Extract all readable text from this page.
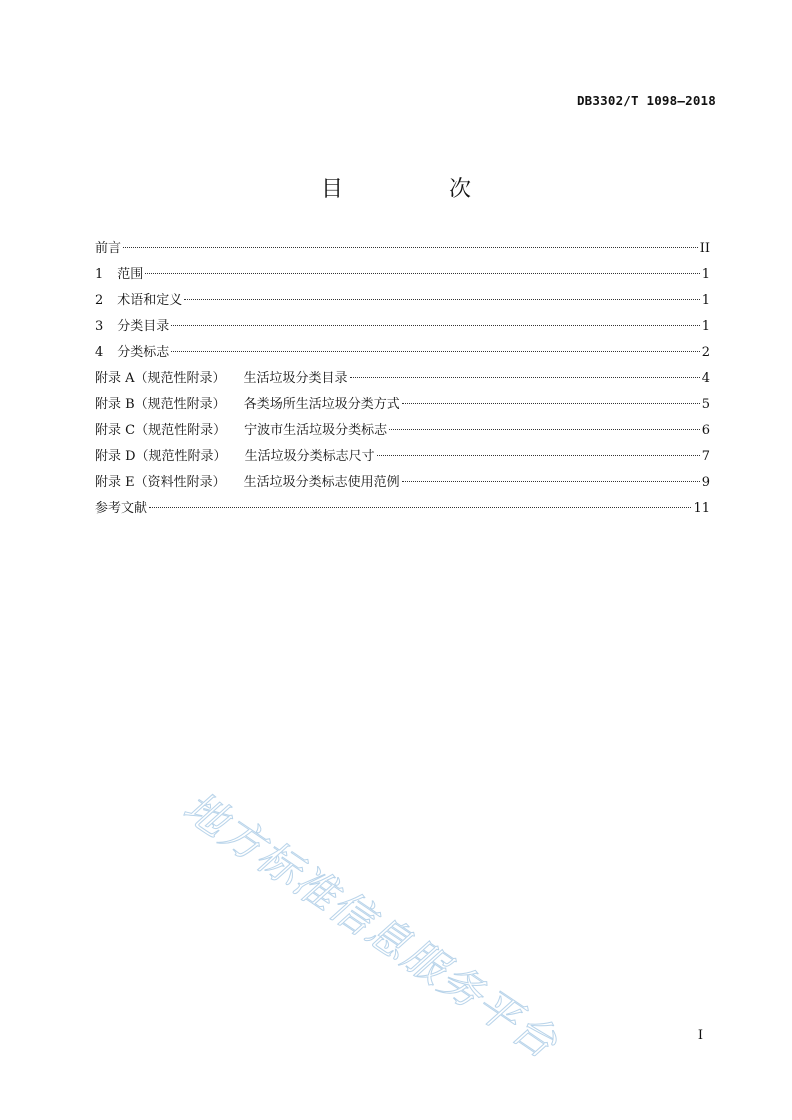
DB3302/T 1098—2018
目　次
前言	II
1 范围	1
2 术语和定义	1
3 分类目录	1
4 分类标志	2
附录 A（规范性附录） 生活垃圾分类目录	4
附录 B（规范性附录） 各类场所生活垃圾分类方式	5
附录 C（规范性附录） 宁波市生活垃圾分类标志	6
附录 D（规范性附录） 生活垃圾分类标志尺寸	7
附录 E（资料性附录） 生活垃圾分类标志使用范例	9
参考文献	11
地方标准信息服务平台	I
